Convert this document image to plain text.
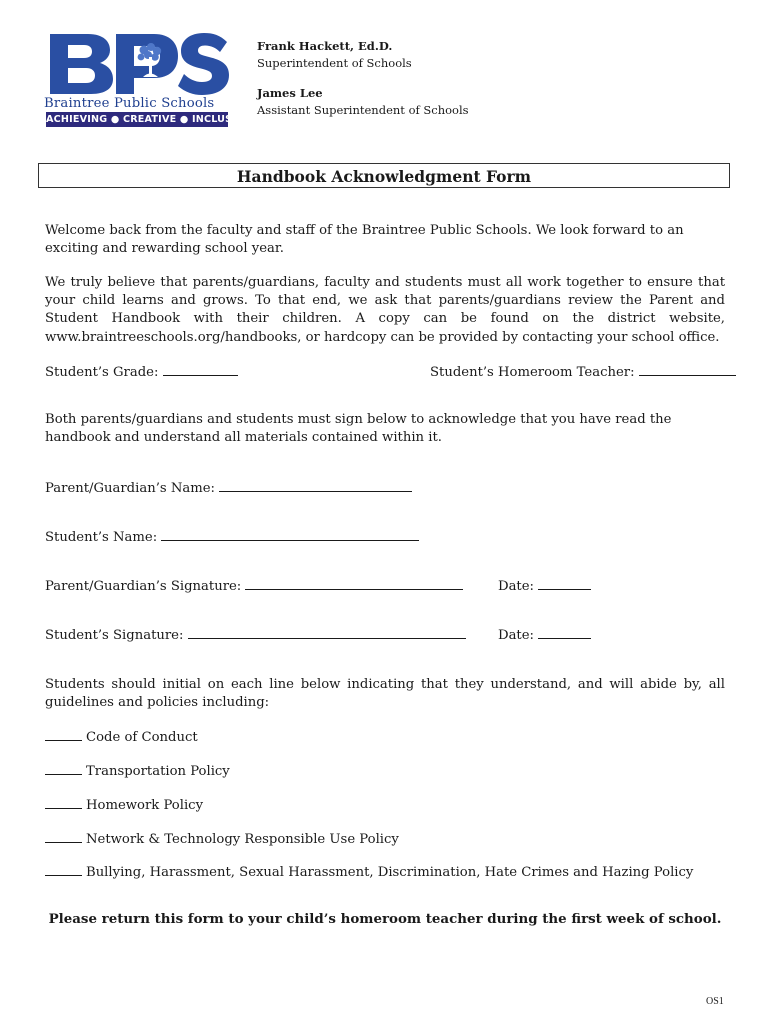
Braintree Public Schools
ACHIEVING ● CREATIVE ● INCLUSIVE
Frank Hackett, Ed.D.
Superintendent of Schools
James Lee
Assistant Superintendent of Schools
Handbook Acknowledgment Form
Welcome back from the faculty and staff of the Braintree Public Schools. We look forward to an exciting and rewarding school year.
We truly believe that parents/guardians, faculty and students must all work together to ensure that your child learns and grows. To that end, we ask that parents/guardians review the Parent and Student Handbook with their children. A copy can be found on the district website, www.braintreeschools.org/handbooks, or hardcopy can be provided by contacting your school office.
Student’s Grade:	Student’s Homeroom Teacher:
Both parents/guardians and students must sign below to acknowledge that you have read the handbook and understand all materials contained within it.
Parent/Guardian’s Name:
Student’s Name:
Parent/Guardian’s Signature:	Date:
Student’s Signature:	Date:
Students should initial on each line below indicating that they understand, and will abide by, all guidelines and policies including:
Code of Conduct
Transportation Policy
Homework Policy
Network & Technology Responsible Use Policy
Bullying, Harassment, Sexual Harassment, Discrimination, Hate Crimes and Hazing Policy
Please return this form to your child’s homeroom teacher during the first week of school.
OS1
